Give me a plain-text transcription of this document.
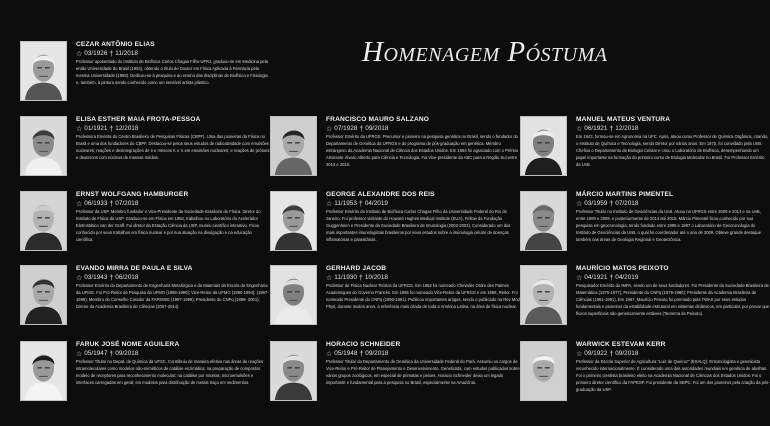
Homenagem Póstuma
CEZAR ANTÔNIO ELIAS
☆ 03/1926 † 11/2018
Professor aposentado do Instituto de Biofísica Carlos Chagas Filho-UFRJ, graduou-se em Medicina pela então Universidade do Brasil (1953), obtendo o título de Doutor em Física Aplicada à Farmácia pela mesma Universidade (1958). Dedicou-se à pesquisa e ao ensino das disciplinas de Biofísica e Fisiologia e, também, à pintura sendo conhecido como um sensível artista plástico.
ELISA ESTHER MAIA FROTA-PESSOA
☆ 01/1921 † 12/2018
Professora Emérita do Centro Brasileiro de Pesquisas Físicas (CBPF). Uma das pioneiras da Física no Brasil e uma dos fundadores do CBPF. Destacou-se pelos seus estudos de radioatividade com emulsões nucleares; reações e desintegrações de e e mésons K e π em emulsões nucleares; e reações de prótons e deuterons com núcleos de massas médias.
FRANCISCO MAURO SALZANO
☆ 07/1928 † 09/2018
Professor Emérito da UFRGS. Precursor e pioneiro na pesquisa genética no Brasil, sendo o fundador do Departamento de Genética da UFRGS e do programa de pós-graduação em genética. Membro estrangeiro da Academia Nacional de Ciência dos Estados Unidos. Em 1994 foi agraciado com o Prêmio Almirante Álvaro Alberto para Ciência e Tecnologia. Foi Vice-presidente da ABC para a Região Sul entre 2013 e 2016.
MANUEL MATEUS VENTURA
☆ 06/1921 † 12/2018
Em 1943, formou-se em Agronomia na UFC. Após, atuou como Professor de Química Orgânica, criando, o Instituto de Química e Tecnologia, sendo Diretor por vários anos. Em 1970, foi convidado pela UnB. Chefiou o Departamento de Biologia Celular e criou o Laboratório de Biofísica, desempenhando um papel importante na formação do primeiro curso de Biologia Molecular no Brasil. Foi Professor Emérito da UnB.
ERNST WOLFGANG HAMBURGER
☆ 06/1933 † 07/2018
Professor da USP. Membro fundador e Vice-Presidente da Sociedade Brasileira de Física. Diretor do Instituto de Física da USP. Graduou-se em Física em 1954, trabalhou no Laboratório do Acelerador Eletrostático van der Graff. Foi diretor da Estação Ciência da USP, museu científico interativo. Ficou conhecido por seus trabalhos em física nuclear e por sua atuação na divulgação e na educação científica.
GEORGE ALEXANDRE DOS REIS
☆ 11/1953 † 04/2019
Professor Emérito do Instituto de Biofísica Carlos Chagas Filho da Universidade Federal do Rio de Janeiro. Foi professor visitante do Howard Hughes Medical Institute (EUA), Fellow da Fundação Guggenheim e Presidente da Sociedade Brasileira de Imunologia (2002-2003). Considerado um dos mais importantes imunologistas brasileiros por seus estudos sobre a imunologia celular de doenças inflamatórias e parasitárias.
MÁRCIO MARTINS PIMENTEL
☆ 03/1959 † 07/2018
Professor Titular no Instituto de Geociências da UnB. Atuou na UFRGS entre 2009 e 2013 e na UnB, entre 1989 e 2009, e posteriormente de 2013 até 2018. Márcio Pimentel ficou conhecido por sua pesquisa em geocronologia, tendo fundado entre 1995 e 1997 o Laboratório de Geocronologia do Instituto de Geociências da UnB, o qual foi coordenador até o ano de 2009. Obteve grande destaque também nas áreas de Geologia Regional e Geotectônica.
EVANDO MIRRA DE PAULA E SILVA
☆ 03/1943 † 06/2018
Professor Emérito do Departamento de Engenharia Metalúrgica e de Materiais da Escola de Engenharia da UFMG. Foi Pró-Reitor de Pesquisa da UFMG (1986-1990); Vice-Reitor da UFMG (1990-1994); (1997-1999); Membro do Conselho Curador da FAPEMIG (1997-1999); Presidente do CNPq (1999- 2001); Diretor da Academia Brasileira de Ciências (2007-2014).
GERHARD JACOB
☆ 11/1930 † 10/2018
Professor de Física Nuclear Teórica da UFRGS. Em 1982 foi nomeado Chevalier Ordre des Palmes Academiques do Governo Francês. Em 1985 foi nomeado Vice-Reitor da UFRGS e em 1988, Reitor. Foi nomeado Presidente do CNPq (1990-1991). Publicou importantes artigos, sendo o publicado na Rev Mod Phys, durante muitos anos, a referência mais citada de toda a América Latina, na área de física nuclear.
MAURÍCIO MATOS PEIXOTO
☆ 04/1921 † 04/2019
Pesquisador Emérito do IMPA, sendo um de seus fundadores. Foi Presidente da Sociedade Brasileira de Matemática (1975-1977); Presidente do CNPq (1979-1980); Presidente da Academia Brasileira de Ciências (1981-1991). Em 1987, Maurício Peixoto foi premiado pela TWAS por seus estudos fundamentais e pioneiros da estabilidade estrutural em sistemas dinâmicos, em particular, por provar que fluxos superficiais são genericamente estáveis (Teorema de Peixoto).
FARUK JOSÉ NOME AGUILERA
☆ 05/1947 † 09/2018
Professor Titular no Depat. de Química da UFSC. Contribuiu de maneira efetiva nas áreas de reações intramoleculares como modelos não-miméticos de catálise enzimática; na preparação de compostos modelo de receptores para reconhecimento molecular; na catálise por micelas, microemulsões e interfaces carregadas em geral; em modelos para distribuição de metais traço em sedimentos.
HORACIO SCHNEIDER
☆ 05/1948 † 09/2018
Professor Titular do Departamento de Genética da Universidade Federal do Pará. Assumiu os cargos de Vice-Reitor e Pró-Reitor de Planejamento e Desenvolvimento. Geneticista, com estudos publicados sobre vários grupos zoológicos, em especial de primatas e peixes. Horacio Schneider deixa um legado importante e fundamental para a pesquisa no Brasil, especialmente na Amazônia.
WARWICK ESTEVAM KERR
☆ 09/1922 † 09/2018
Professor da Escola Superior de Agricultura "Luiz de Queiroz" (ESALQ). Entomologista e geneticista reconhecido internacionalmente. É considerado uma das autoridades mundiais em genética de abelhas. Foi o primeiro cientista brasileiro eleito na Academia Nacional de Ciências dos Estados Unidos. Foi o primeiro diretor científico da FAPESP. Foi presidente da SBPC. Foi um dos pioneiros pela criação da pós-graduação da USP.
